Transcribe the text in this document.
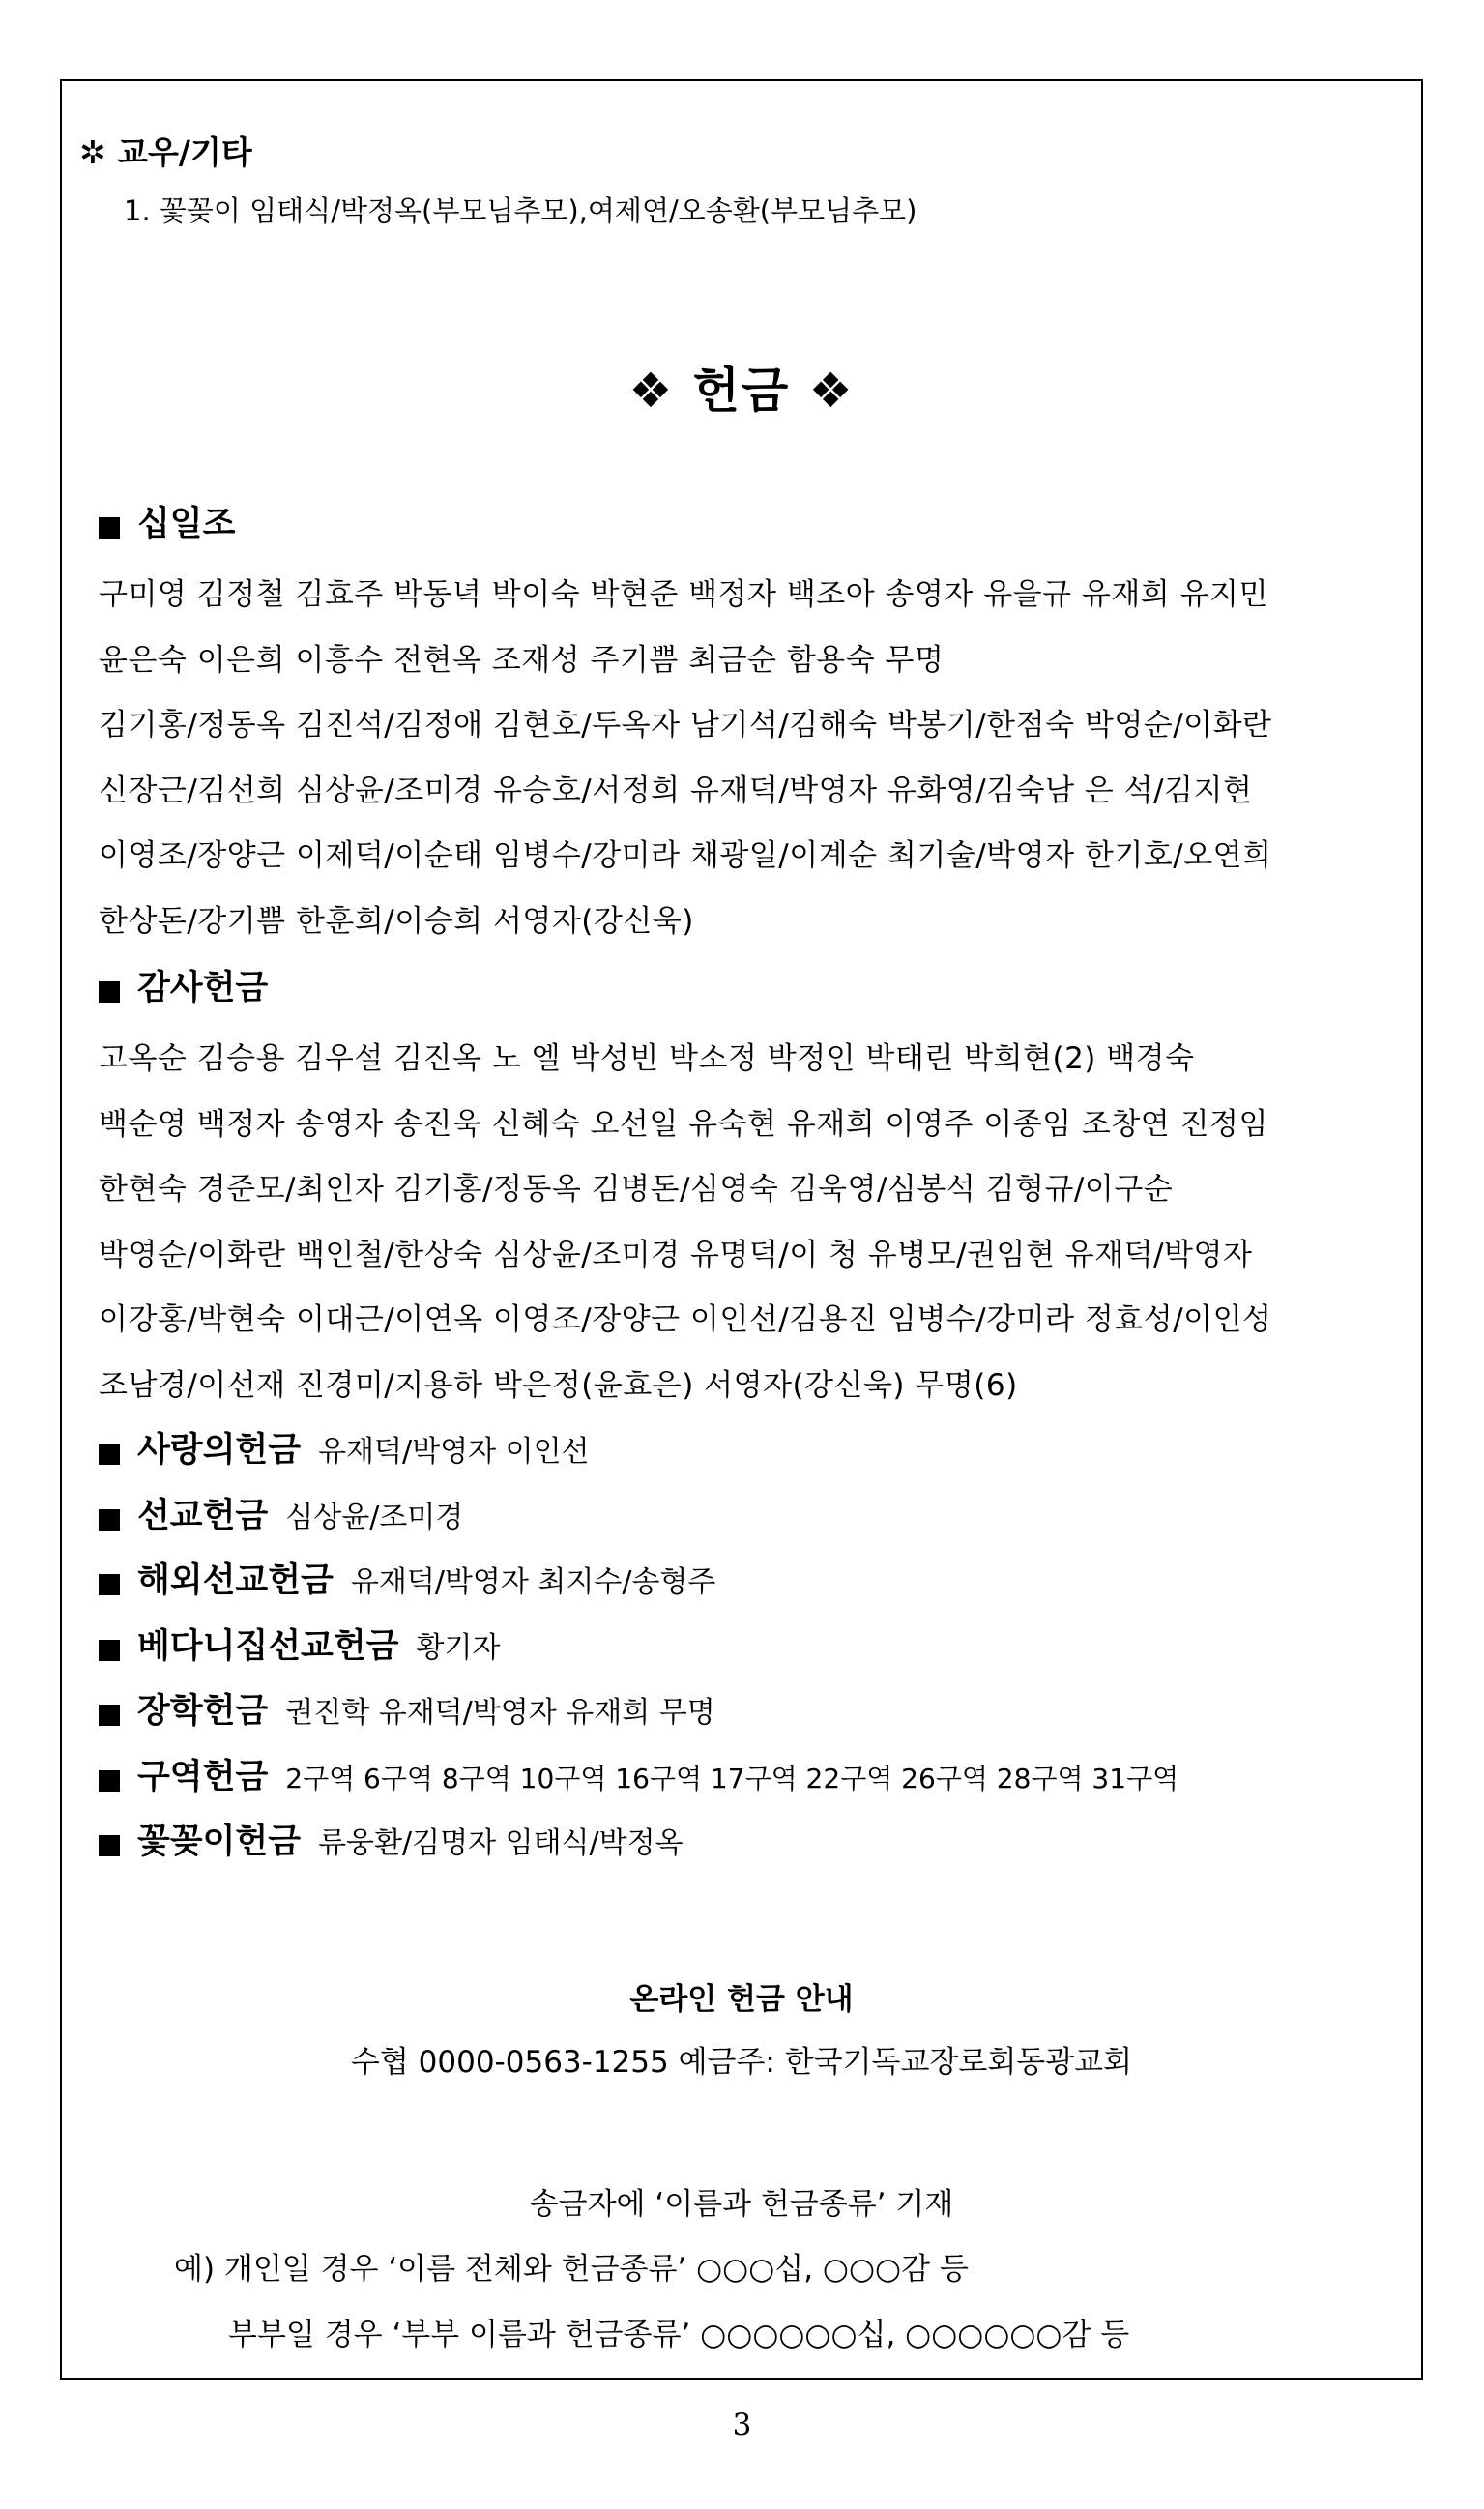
✲ 교우/기타
1. 꽃꽂이 임태식/박정옥(부모님추모),여제연/오송환(부모님추모)
❖ 헌금 ❖
십일조
구미영 김정철 김효주 박동녁 박이숙 박현준 백정자 백조아 송영자 유을규 유재희 유지민
윤은숙 이은희 이흥수 전현옥 조재성 주기쁨 최금순 함용숙 무명
김기홍/정동옥 김진석/김정애 김현호/두옥자 남기석/김해숙 박봉기/한점숙 박영순/이화란
신장근/김선희 심상윤/조미경 유승호/서정희 유재덕/박영자 유화영/김숙남 은 석/김지현
이영조/장양근 이제덕/이순태 임병수/강미라 채광일/이계순 최기술/박영자 한기호/오연희
한상돈/강기쁨 한훈희/이승희 서영자(강신욱)
감사헌금
고옥순 김승용 김우설 김진옥 노 엘 박성빈 박소정 박정인 박태린 박희현(2) 백경숙
백순영 백정자 송영자 송진욱 신혜숙 오선일 유숙현 유재희 이영주 이종임 조창연 진정임
한현숙 경준모/최인자 김기홍/정동옥 김병돈/심영숙 김욱영/심봉석 김형규/이구순
박영순/이화란 백인철/한상숙 심상윤/조미경 유명덕/이 청 유병모/권임현 유재덕/박영자
이강홍/박현숙 이대근/이연옥 이영조/장양근 이인선/김용진 임병수/강미라 정효성/이인성
조남경/이선재 진경미/지용하 박은정(윤효은) 서영자(강신욱) 무명(6)
사랑의헌금 유재덕/박영자 이인선
선교헌금 심상윤/조미경
해외선교헌금 유재덕/박영자 최지수/송형주
베다니집선교헌금 황기자
장학헌금 권진학 유재덕/박영자 유재희 무명
구역헌금 2구역 6구역 8구역 10구역 16구역 17구역 22구역 26구역 28구역 31구역
꽃꽂이헌금 류웅환/김명자 임태식/박정옥
온라인 헌금 안내
수협 0000-0563-1255 예금주: 한국기독교장로회동광교회
송금자에 ‘이름과 헌금종류’ 기재
예) 개인일 경우 ‘이름 전체와 헌금종류’ ○○○십, ○○○감 등
부부일 경우 ‘부부 이름과 헌금종류’ ○○○○○○십, ○○○○○○감 등
3
